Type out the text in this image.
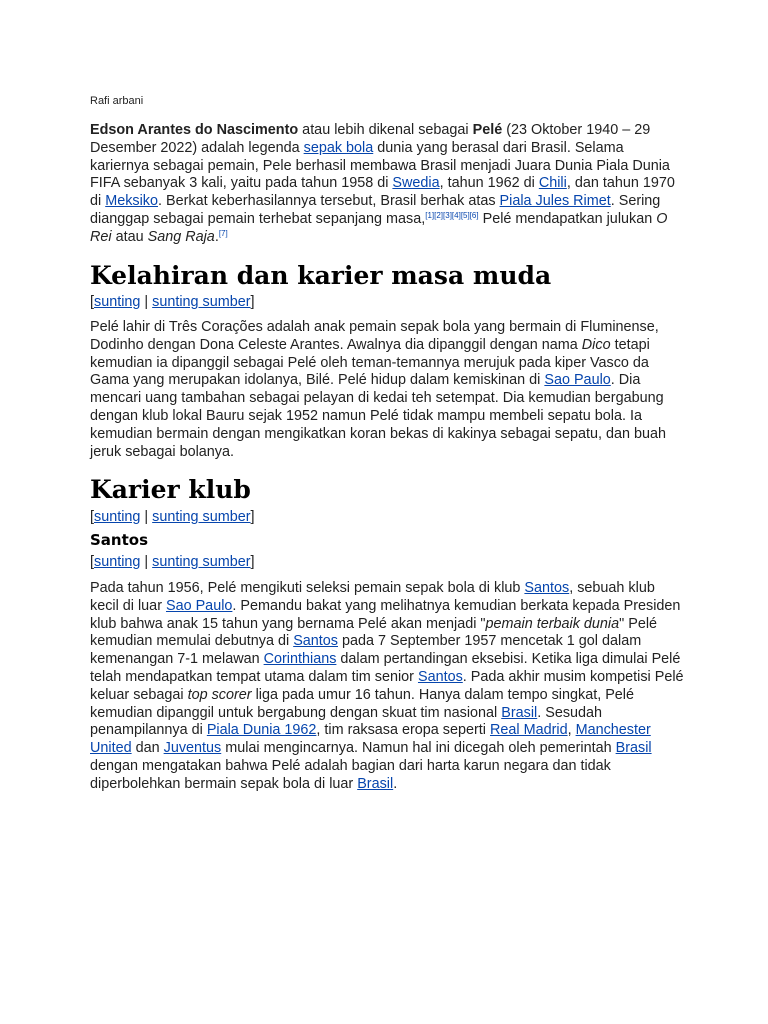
Rafi arbani

Edson Arantes do Nascimento atau lebih dikenal sebagai Pelé (23 Oktober 1940 – 29 Desember 2022) adalah legenda sepak bola dunia yang berasal dari Brasil. Selama kariernya sebagai pemain, Pele berhasil membawa Brasil menjadi Juara Dunia Piala Dunia FIFA sebanyak 3 kali, yaitu pada tahun 1958 di Swedia, tahun 1962 di Chili, dan tahun 1970 di Meksiko. Berkat keberhasilannya tersebut, Brasil berhak atas Piala Jules Rimet. Sering dianggap sebagai pemain terhebat sepanjang masa,[1][2][3][4][5][6] Pelé mendapatkan julukan O Rei atau Sang Raja.[7]

Kelahiran dan karier masa muda
[sunting | sunting sumber]

Pelé lahir di Três Corações adalah anak pemain sepak bola yang bermain di Fluminense, Dodinho dengan Dona Celeste Arantes. Awalnya dia dipanggil dengan nama Dico tetapi kemudian ia dipanggil sebagai Pelé oleh teman-temannya merujuk pada kiper Vasco da Gama yang merupakan idolanya, Bilé. Pelé hidup dalam kemiskinan di Sao Paulo. Dia mencari uang tambahan sebagai pelayan di kedai teh setempat. Dia kemudian bergabung dengan klub lokal Bauru sejak 1952 namun Pelé tidak mampu membeli sepatu bola. Ia kemudian bermain dengan mengikatkan koran bekas di kakinya sebagai sepatu, dan buah jeruk sebagai bolanya.

Karier klub
[sunting | sunting sumber]
Santos
[sunting | sunting sumber]

Pada tahun 1956, Pelé mengikuti seleksi pemain sepak bola di klub Santos, sebuah klub kecil di luar Sao Paulo. Pemandu bakat yang melihatnya kemudian berkata kepada Presiden klub bahwa anak 15 tahun yang bernama Pelé akan menjadi "pemain terbaik dunia" Pelé kemudian memulai debutnya di Santos pada 7 September 1957 mencetak 1 gol dalam kemenangan 7-1 melawan Corinthians dalam pertandingan eksebisi. Ketika liga dimulai Pelé telah mendapatkan tempat utama dalam tim senior Santos. Pada akhir musim kompetisi Pelé keluar sebagai top scorer liga pada umur 16 tahun. Hanya dalam tempo singkat, Pelé kemudian dipanggil untuk bergabung dengan skuat tim nasional Brasil. Sesudah penampilannya di Piala Dunia 1962, tim raksasa eropa seperti Real Madrid, Manchester United dan Juventus mulai mengincarnya. Namun hal ini dicegah oleh pemerintah Brasil dengan mengatakan bahwa Pelé adalah bagian dari harta karun negara dan tidak diperbolehkan bermain sepak bola di luar Brasil.
